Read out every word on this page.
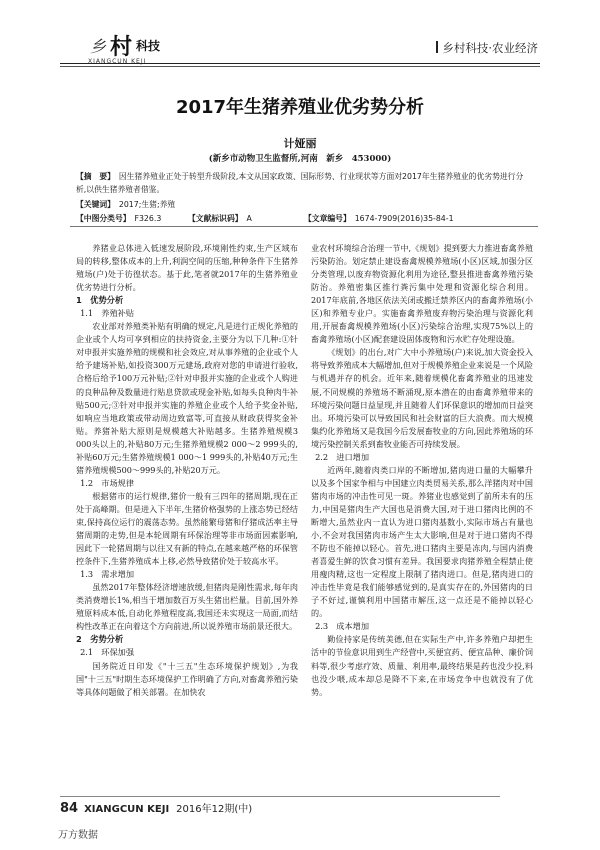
乡 村 科技
XIANGCUN KEJI
乡村科技·农业经济
2017年生猪养殖业优劣势分析
计娅丽
(新乡市动物卫生监督所,河南　新乡　453000)
【摘　要】　因生猪养殖业正处于转型升级阶段,本文从国家政策、国际形势、行业现状等方面对2017年生猪养殖业的优劣势进行分析,以供生猪养殖者借鉴。
【关键词】　 2017;生猪;养殖
【中图分类号】　 F326.3	【文献标识码】　 A	【文章编号】　 1674-7909(2016)35-84-1

养猪业总体进入低速发展阶段,环境刚性约束,生产区域布局的转移,整体成本的上升,利润空间的压缩,种种条件下生猪养殖场(户)处于彷徨状态。基于此,笔者就2017年的生猪养殖业优劣势进行分析。

1　优势分析

1.1　养殖补贴

农业部对养殖类补贴有明确的规定,凡是进行正规化养殖的企业或个人均可享到相应的扶持资金,主要分为以下几种:①针对申报并实施养殖的规模和社会效应,对从事养殖的企业或个人给予建场补贴,如投资300万元建场,政府对您的申请进行验收,合格后给予100万元补贴;②针对申报并实施的企业或个人购进的良种品种及数量进行贴息贷款或现金补贴,如每头良种肉牛补贴500元;③针对申报并实施的养殖企业或个人给予奖金补贴,如响应当地政策或带动周边致富等,可直接从财政获得奖金补贴。养猪补贴大原则是规模越大补贴越多。生猪养殖规模3 000头以上的,补贴80万元;生猪养殖规模2 000～2 999头的,补贴60万元;生猪养殖规模1 000～1 999头的,补贴40万元;生猪养殖规模500～999头的,补贴20万元。

1.2　市场规律

根据猪市的运行规律,猪价一般有三四年的猪周期,现在正处于高峰期。但是进入下半年,生猪价格强势的上涨态势已经结束,保持高位运行的震荡态势。虽然能繁母猪和仔猪成活率主导猪周期的走势,但是本轮周期有环保治理等非市场面因素影响,因此下一轮猪周期与以往又有新的特点,在越来越严格的环保管控条件下,生猪养殖成本上移,必然导致猪价处于较高水平。

1.3　需求增加

虽然2017年整体经济增速放缓,但猪肉是刚性需求,每年肉类消费增长1%,相当于增加数百万头生猪出栏量。目前,国外养殖原料成本低,自动化养殖程度高,我国还未实现这一局面,而结构性改革正在向着这个方向前进,所以说养殖市场前景还很大。

2　劣势分析

2.1　环保加强

国务院近日印发《"十三五"生态环境保护规划》,为我国"十三五"时期生态环境保护工作明确了方向,对畜禽养殖污染等具体问题做了相关部署。在加快农

业农村环境综合治理一节中,《规划》提到要大力推进畜禽养殖污染防治。划定禁止建设畜禽规模养殖场(小区)区域,加强分区分类管理,以废弃物资源化利用为途径,整县推进畜禽养殖污染防治。养殖密集区推行粪污集中处理和资源化综合利用。2017年底前,各地区依法关闭或搬迁禁养区内的畜禽养殖场(小区)和养殖专业户。实施畜禽养殖废弃物污染治理与资源化利用,开展畜禽规模养殖场(小区)污染综合治理,实现75%以上的畜禽养殖场(小区)配套建设固体废物和污水贮存处理设施。

《规划》的出台,对广大中小养殖场(户)来说,加大资金投入将导致养殖成本大幅增加,但对于规模养殖企业来说是一个风险与机遇并存的机会。近年来,随着规模化畜禽养殖业的迅速发展,不同规模的养殖场不断涌现,原本潜在的由畜禽养殖带来的环境污染问题日益显现,并且随着人们环保意识的增加而日益突出。环境污染可以导致国民和社会财富的巨大浪费。而大规模集约化养殖场又是我国今后发展畜牧业的方向,因此养殖场的环境污染控制关系到畜牧业能否可持续发展。

2.2　进口增加

近两年,随着肉类口岸的不断增加,猪肉进口量的大幅攀升以及多个国家争相与中国建立肉类贸易关系,那么洋猪肉对中国猪肉市场的冲击性可见一斑。养猪业也感觉到了前所未有的压力,中国是猪肉生产大国也是消费大国,对于进口猪肉比例的不断增大,虽然业内一直认为进口猪肉基数小,实际市场占有量也小,不会对我国猪肉市场产生太大影响,但是对于进口猪肉不得不防也不能掉以轻心。首先,进口猪肉主要是冻肉,与国内消费者喜爱生鲜的饮食习惯有差异。我国要求肉猪养殖全程禁止使用瘦肉精,这也一定程度上限制了猪肉进口。但是,猪肉进口的冲击性毕竟是我们能够感觉到的,是真实存在的,外国猪肉的日子不好过,谨慎利用中国猪市解压,这一点还是不能掉以轻心的。

2.3　成本增加

勤俭持家是传统美德,但在实际生产中,许多养殖户却把生活中的节俭意识用到生产经营中,买便宜药、便宜品种、廉价饲料等,很少考虑疗效、质量、利用率,最终结果是药也没少投,料也没少喂,成本却总是降不下来,在市场竞争中也就没有了优势。

84 XIANGCUN KEJI 2016年12期(中)
万方数据
